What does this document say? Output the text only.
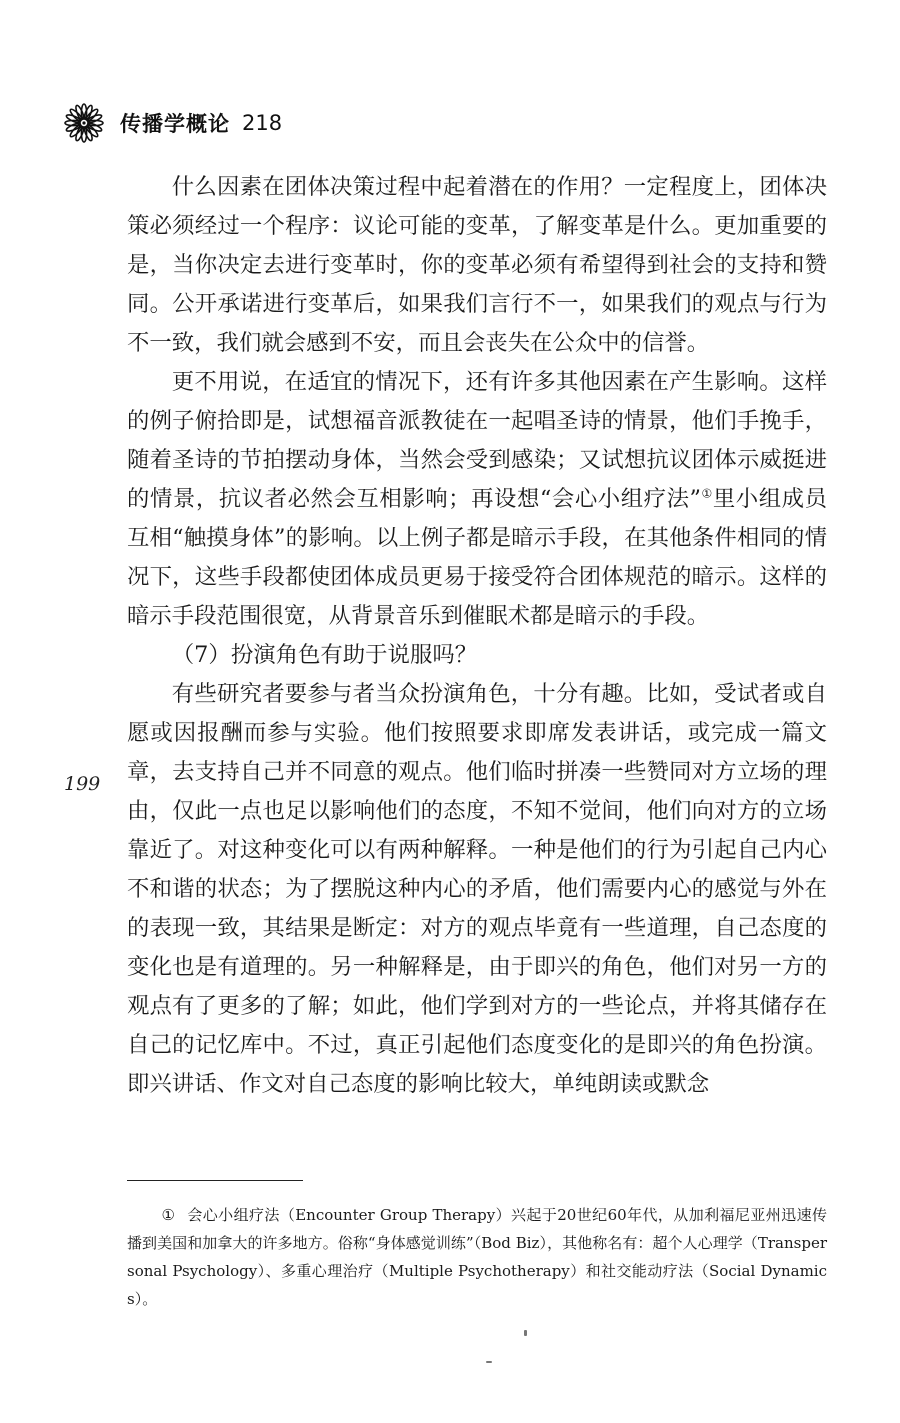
传播学概论 218

什么因素在团体决策过程中起着潜在的作用？一定程度上，团体决策必须经过一个程序：议论可能的变革，了解变革是什么。更加重要的是，当你决定去进行变革时，你的变革必须有希望得到社会的支持和赞同。公开承诺进行变革后，如果我们言行不一，如果我们的观点与行为不一致，我们就会感到不安，而且会丧失在公众中的信誉。

更不用说，在适宜的情况下，还有许多其他因素在产生影响。这样的例子俯拾即是，试想福音派教徒在一起唱圣诗的情景，他们手挽手，随着圣诗的节拍摆动身体，当然会受到感染；又试想抗议团体示威挺进的情景，抗议者必然会互相影响；再设想“会心小组疗法”①里小组成员互相“触摸身体”的影响。以上例子都是暗示手段，在其他条件相同的情况下，这些手段都使团体成员更易于接受符合团体规范的暗示。这样的暗示手段范围很宽，从背景音乐到催眠术都是暗示的手段。

（7）扮演角色有助于说服吗？

有些研究者要参与者当众扮演角色，十分有趣。比如，受试者或自愿或因报酬而参与实验。他们按照要求即席发表讲话，或完成一篇文章，去支持自己并不同意的观点。他们临时拼凑一些赞同对方立场的理由，仅此一点也足以影响他们的态度，不知不觉间，他们向对方的立场靠近了。对这种变化可以有两种解释。一种是他们的行为引起自己内心不和谐的状态；为了摆脱这种内心的矛盾，他们需要内心的感觉与外在的表现一致，其结果是断定：对方的观点毕竟有一些道理，自己态度的变化也是有道理的。另一种解释是，由于即兴的角色，他们对另一方的观点有了更多的了解；如此，他们学到对方的一些论点，并将其储存在自己的记忆库中。不过，真正引起他们态度变化的是即兴的角色扮演。即兴讲话、作文对自己态度的影响比较大，单纯朗读或默念

199

① 会心小组疗法（Encounter Group Therapy）兴起于20世纪60年代，从加利福尼亚州迅速传播到美国和加拿大的许多地方。俗称“身体感觉训练”（Bod Biz），其他称名有：超个人心理学（Transpersonal Psychology）、多重心理治疗（Multiple Psychotherapy）和社交能动疗法（Social Dynamics）。
